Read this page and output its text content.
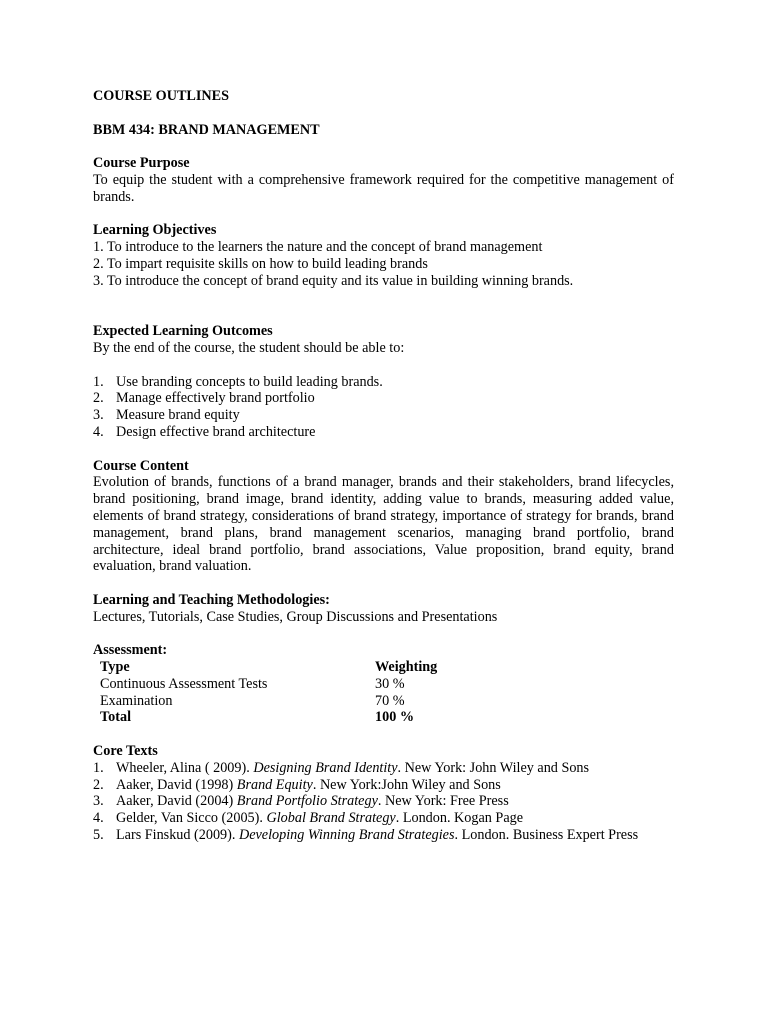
COURSE OUTLINES
BBM 434: BRAND MANAGEMENT
Course Purpose
To equip the student with a comprehensive framework required for the competitive management of brands.
Learning Objectives
1. To introduce to the learners the nature and the concept of brand management
2. To impart requisite skills on how to build leading brands
3. To introduce the concept of brand equity and its value in building winning brands.
Expected Learning Outcomes
By the end of the course, the student should be able to:
1. Use branding concepts to build leading brands.
2. Manage effectively brand portfolio
3. Measure brand equity
4. Design effective brand architecture
Course Content
Evolution of brands, functions of a brand manager, brands and their stakeholders, brand lifecycles, brand positioning, brand image, brand identity, adding value to brands, measuring added value, elements of brand strategy, considerations of brand strategy, importance of strategy for brands, brand management, brand plans, brand management scenarios, managing brand portfolio, brand architecture, ideal brand portfolio, brand associations, Value proposition, brand equity, brand evaluation, brand valuation.
Learning and Teaching Methodologies:
Lectures, Tutorials, Case Studies, Group Discussions and Presentations
Assessment:
Type	Weighting
Continuous Assessment Tests	30 %
Examination	70 %
Total	100 %
Core Texts
1. Wheeler, Alina ( 2009). Designing Brand Identity. New York: John Wiley and Sons
2. Aaker, David (1998) Brand Equity. New York:John Wiley and Sons
3. Aaker, David (2004) Brand Portfolio Strategy. New York: Free Press
4. Gelder, Van Sicco (2005). Global Brand Strategy. London. Kogan Page
5. Lars Finskud (2009). Developing Winning Brand Strategies. London. Business Expert Press
